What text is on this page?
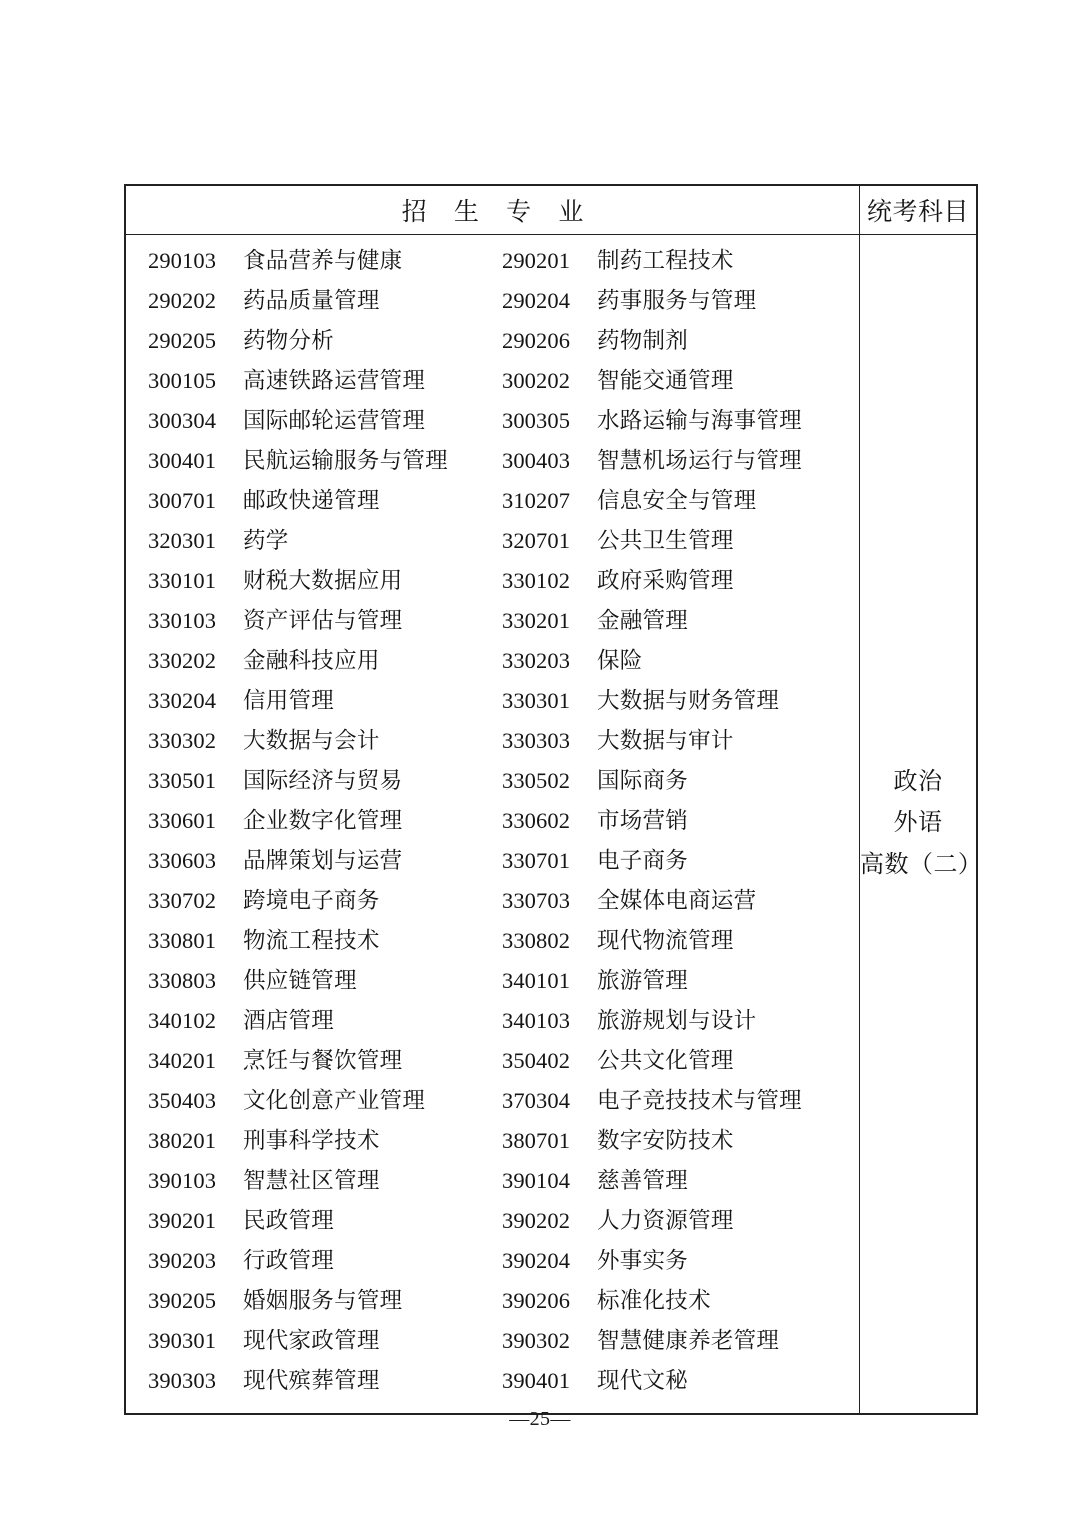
招 生 专 业	统考科目

290103	食品营养与健康	290201	制药工程技术
290202	药品质量管理	290204	药事服务与管理
290205	药物分析	290206	药物制剂
300105	高速铁路运营管理	300202	智能交通管理
300304	国际邮轮运营管理	300305	水路运输与海事管理
300401	民航运输服务与管理	300403	智慧机场运行与管理
300701	邮政快递管理	310207	信息安全与管理
320301	药学	320701	公共卫生管理
330101	财税大数据应用	330102	政府采购管理
330103	资产评估与管理	330201	金融管理
330202	金融科技应用	330203	保险
330204	信用管理	330301	大数据与财务管理
330302	大数据与会计	330303	大数据与审计
330501	国际经济与贸易	330502	国际商务
330601	企业数字化管理	330602	市场营销
330603	品牌策划与运营	330701	电子商务
330702	跨境电子商务	330703	全媒体电商运营
330801	物流工程技术	330802	现代物流管理
330803	供应链管理	340101	旅游管理
340102	酒店管理	340103	旅游规划与设计
340201	烹饪与餐饮管理	350402	公共文化管理
350403	文化创意产业管理	370304	电子竞技技术与管理
380201	刑事科学技术	380701	数字安防技术
390103	智慧社区管理	390104	慈善管理
390201	民政管理	390202	人力资源管理
390203	行政管理	390204	外事实务
390205	婚姻服务与管理	390206	标准化技术
390301	现代家政管理	390302	智慧健康养老管理
390303	现代殡葬管理	390401	现代文秘

政治
外语
高数（二）
—25—
